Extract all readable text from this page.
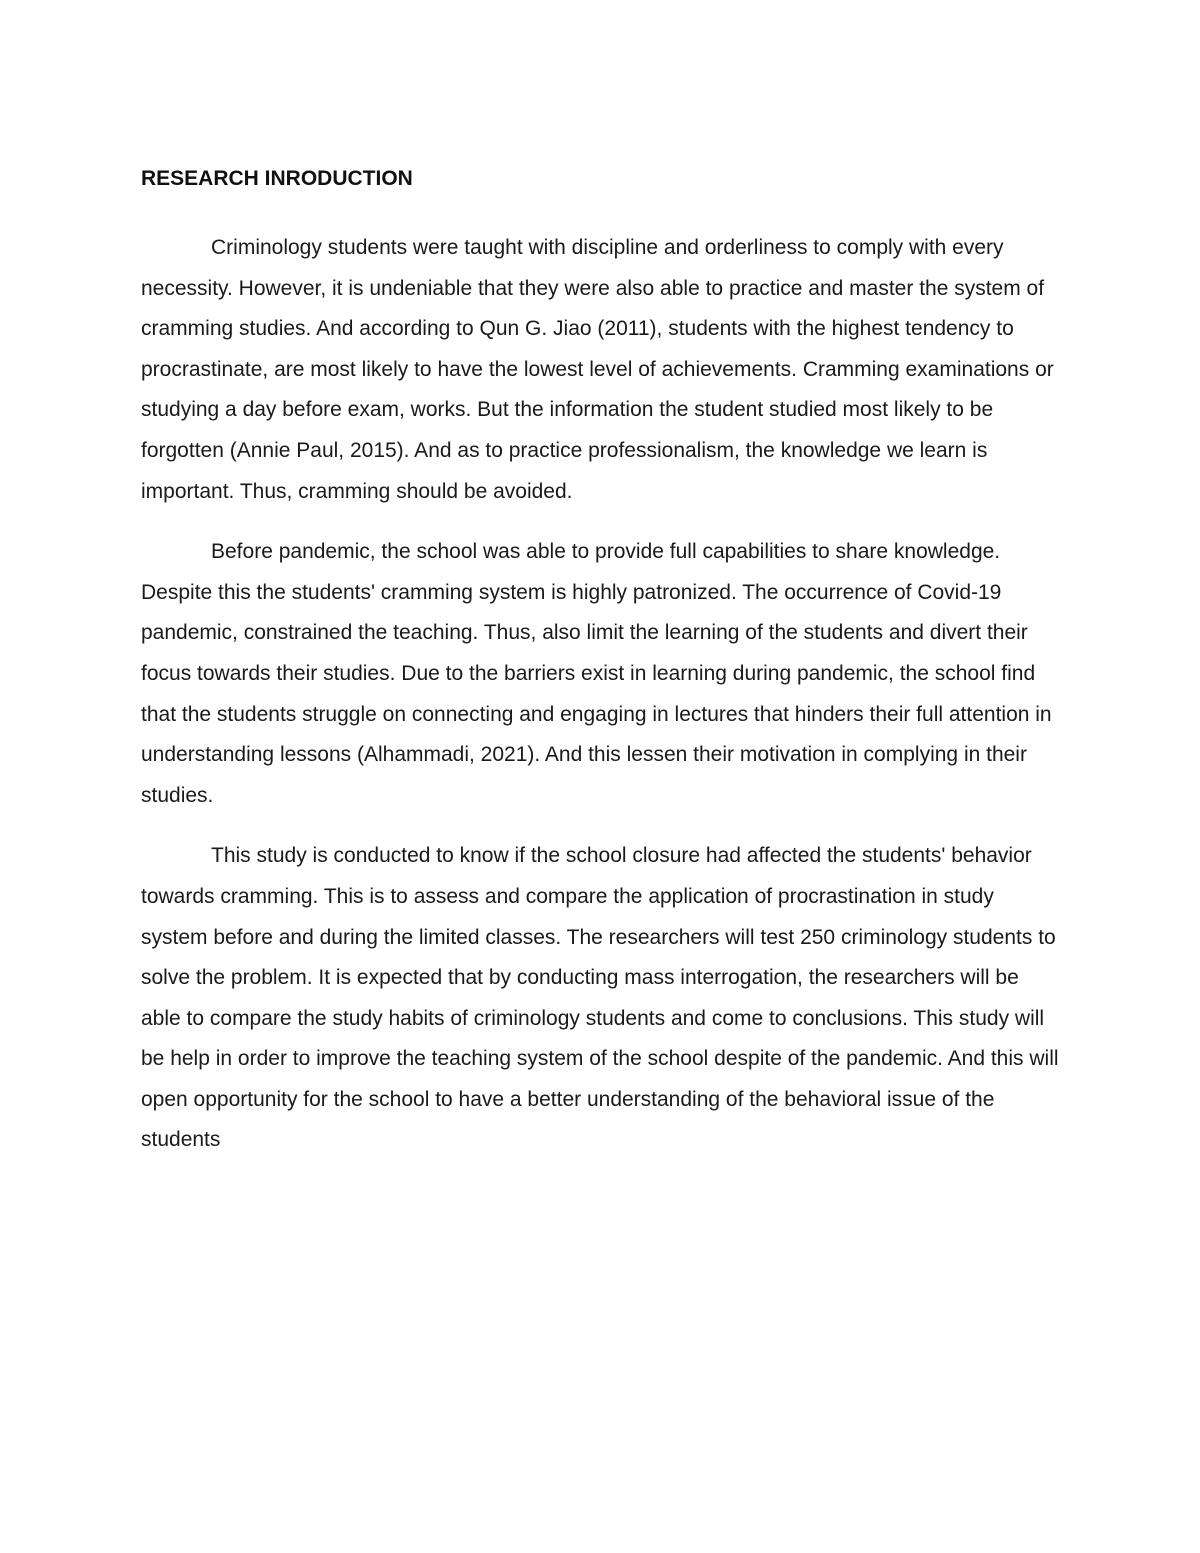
RESEARCH INRODUCTION

Criminology students were taught with discipline and orderliness to comply with every necessity. However, it is undeniable that they were also able to practice and master the system of cramming studies. And according to Qun G. Jiao (2011), students with the highest tendency to procrastinate, are most likely to have the lowest level of achievements. Cramming examinations or studying a day before exam, works. But the information the student studied most likely to be forgotten (Annie Paul, 2015). And as to practice professionalism, the knowledge we learn is important. Thus, cramming should be avoided.

Before pandemic, the school was able to provide full capabilities to share knowledge. Despite this the students' cramming system is highly patronized. The occurrence of Covid-19 pandemic, constrained the teaching. Thus, also limit the learning of the students and divert their focus towards their studies. Due to the barriers exist in learning during pandemic, the school find that the students struggle on connecting and engaging in lectures that hinders their full attention in understanding lessons (Alhammadi, 2021). And this lessen their motivation in complying in their studies.

This study is conducted to know if the school closure had affected the students' behavior towards cramming. This is to assess and compare the application of procrastination in study system before and during the limited classes. The researchers will test 250 criminology students to solve the problem. It is expected that by conducting mass interrogation, the researchers will be able to compare the study habits of criminology students and come to conclusions. This study will be help in order to improve the teaching system of the school despite of the pandemic. And this will open opportunity for the school to have a better understanding of the behavioral issue of the students
